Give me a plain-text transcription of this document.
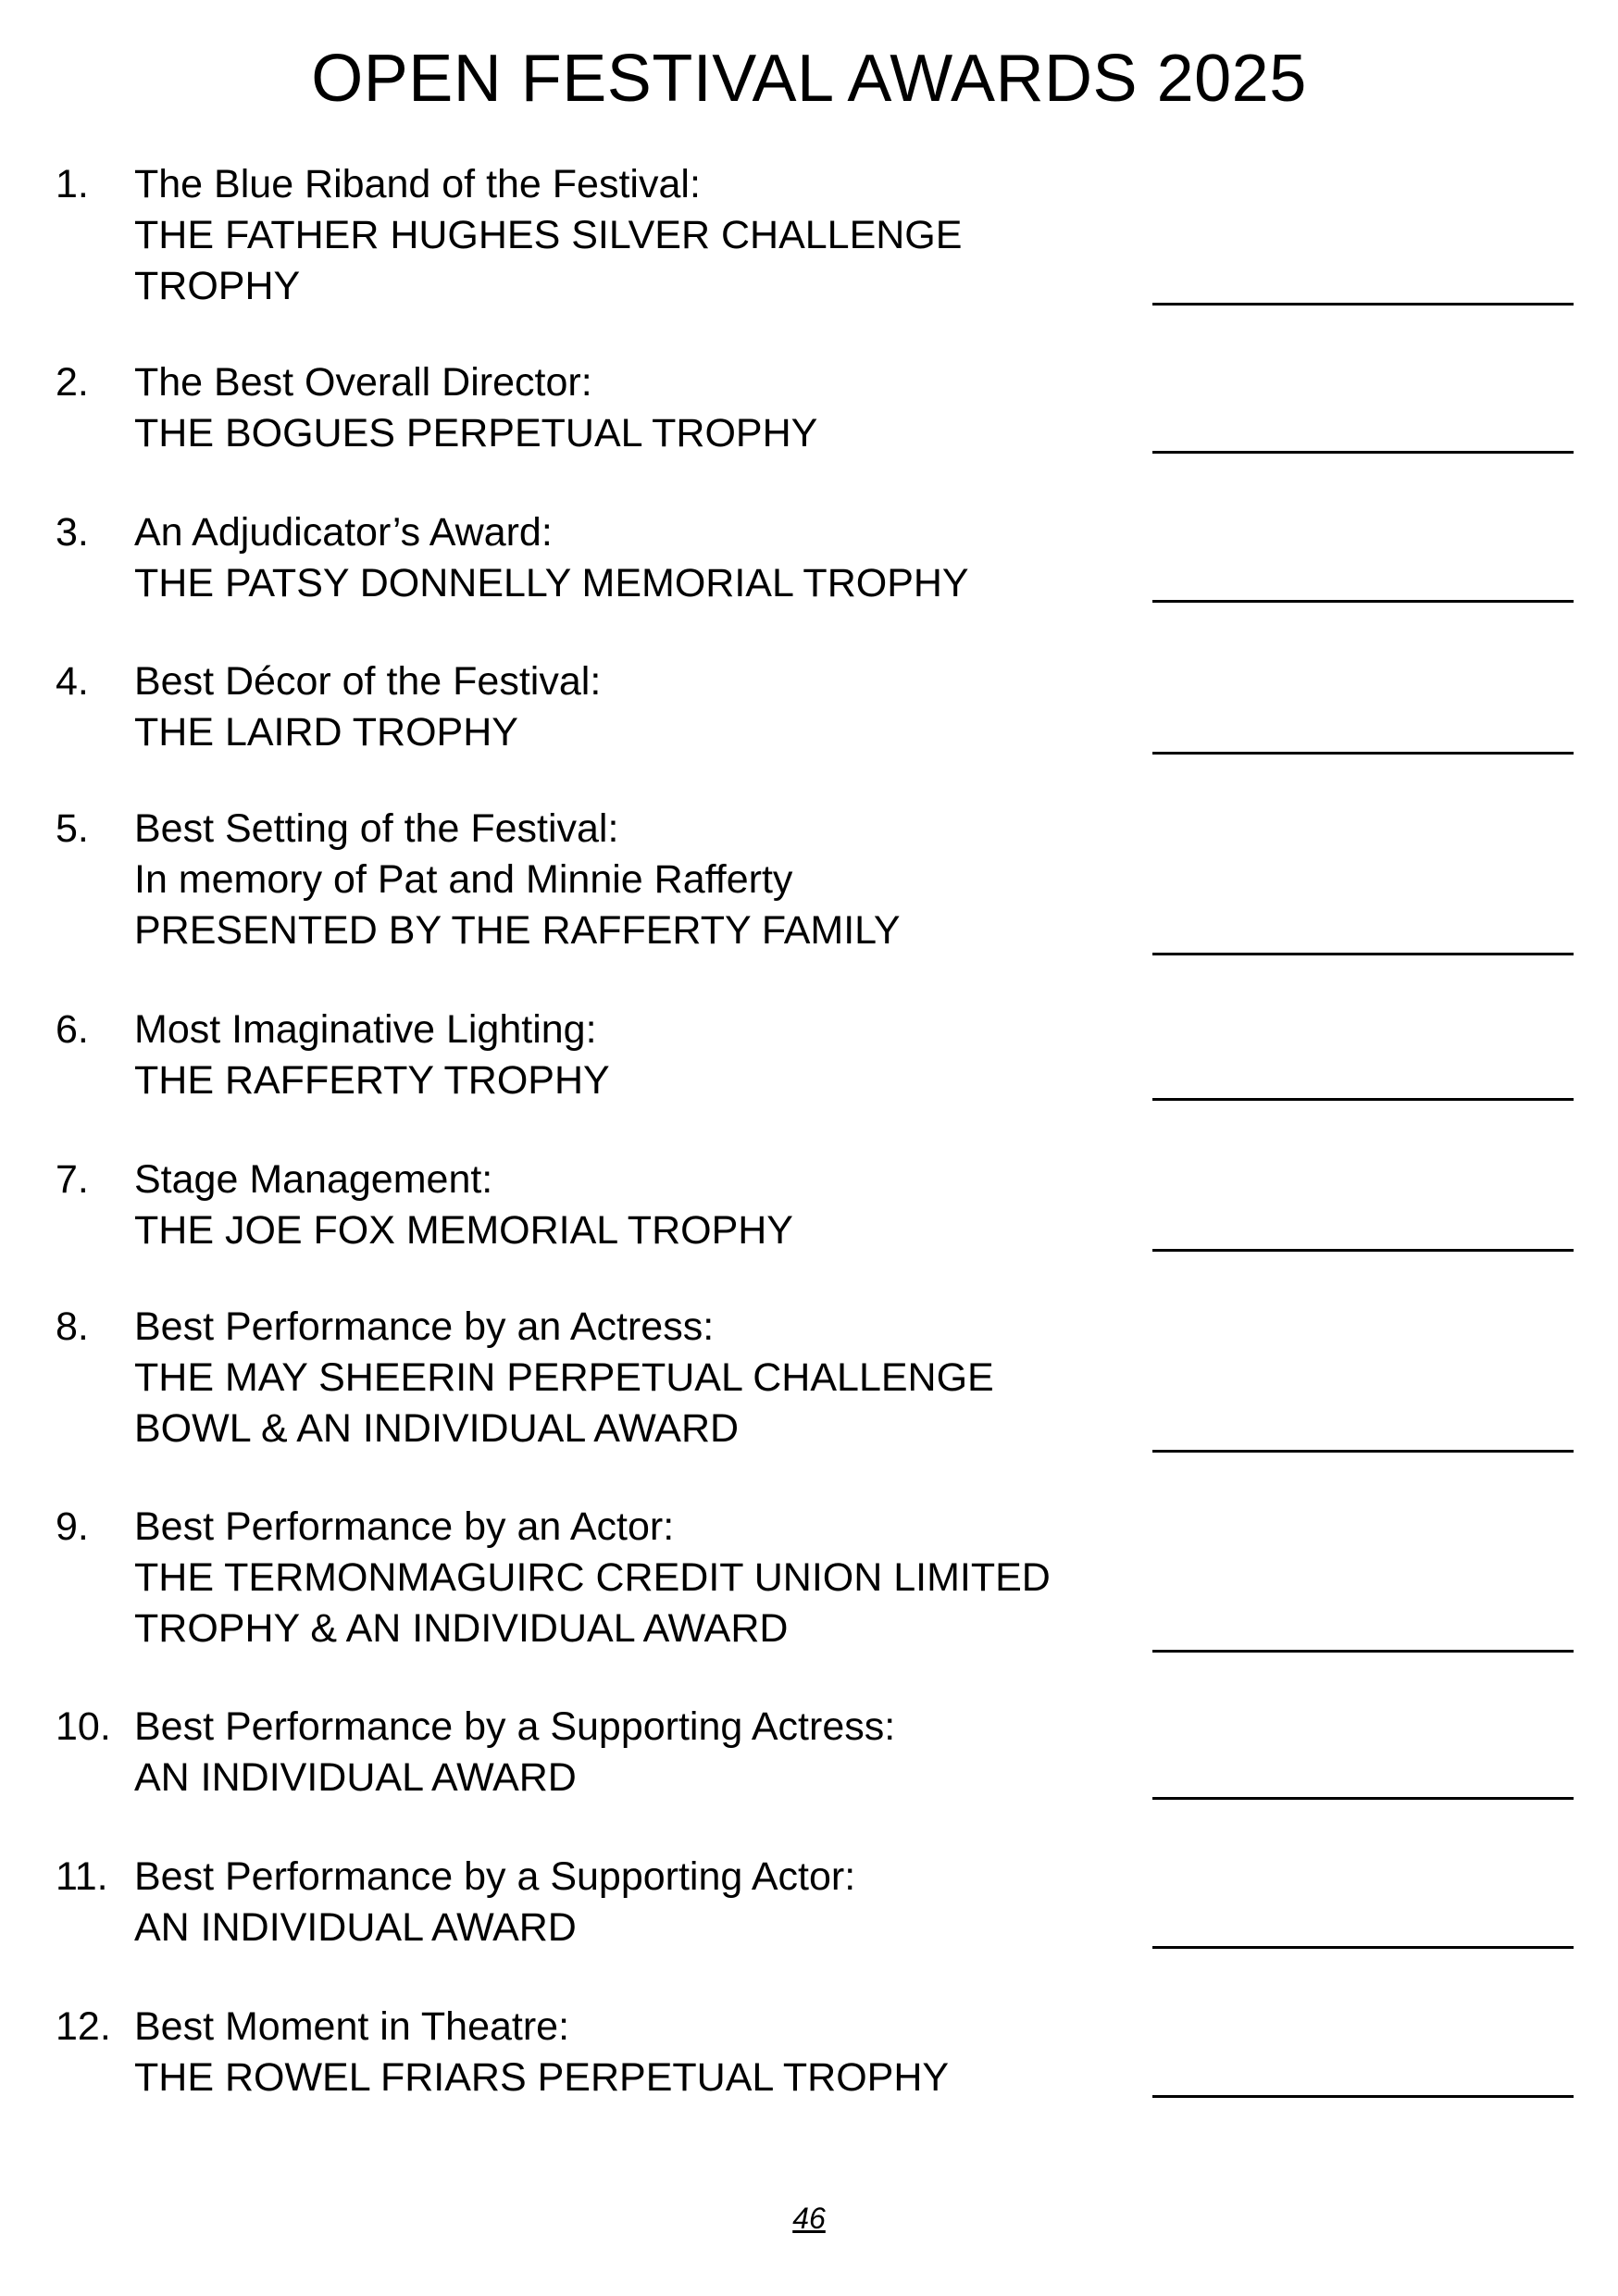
OPEN FESTIVAL AWARDS 2025
1. The Blue Riband of the Festival:
THE FATHER HUGHES SILVER CHALLENGE
TROPHY
2. The Best Overall Director:
THE BOGUES PERPETUAL TROPHY
3. An Adjudicator’s Award:
THE PATSY DONNELLY MEMORIAL TROPHY
4. Best Décor of the Festival:
THE LAIRD TROPHY
5. Best Setting of the Festival:
In memory of Pat and Minnie Rafferty
PRESENTED BY THE RAFFERTY FAMILY
6. Most Imaginative Lighting:
THE RAFFERTY TROPHY
7. Stage Management:
THE JOE FOX MEMORIAL TROPHY
8. Best Performance by an Actress:
THE MAY SHEERIN PERPETUAL CHALLENGE
BOWL & AN INDIVIDUAL AWARD
9. Best Performance by an Actor:
THE TERMONMAGUIRC CREDIT UNION LIMITED
TROPHY & AN INDIVIDUAL AWARD
10. Best Performance by a Supporting Actress:
AN INDIVIDUAL AWARD
11. Best Performance by a Supporting Actor:
AN INDIVIDUAL AWARD
12. Best Moment in Theatre:
THE ROWEL FRIARS PERPETUAL TROPHY
46
